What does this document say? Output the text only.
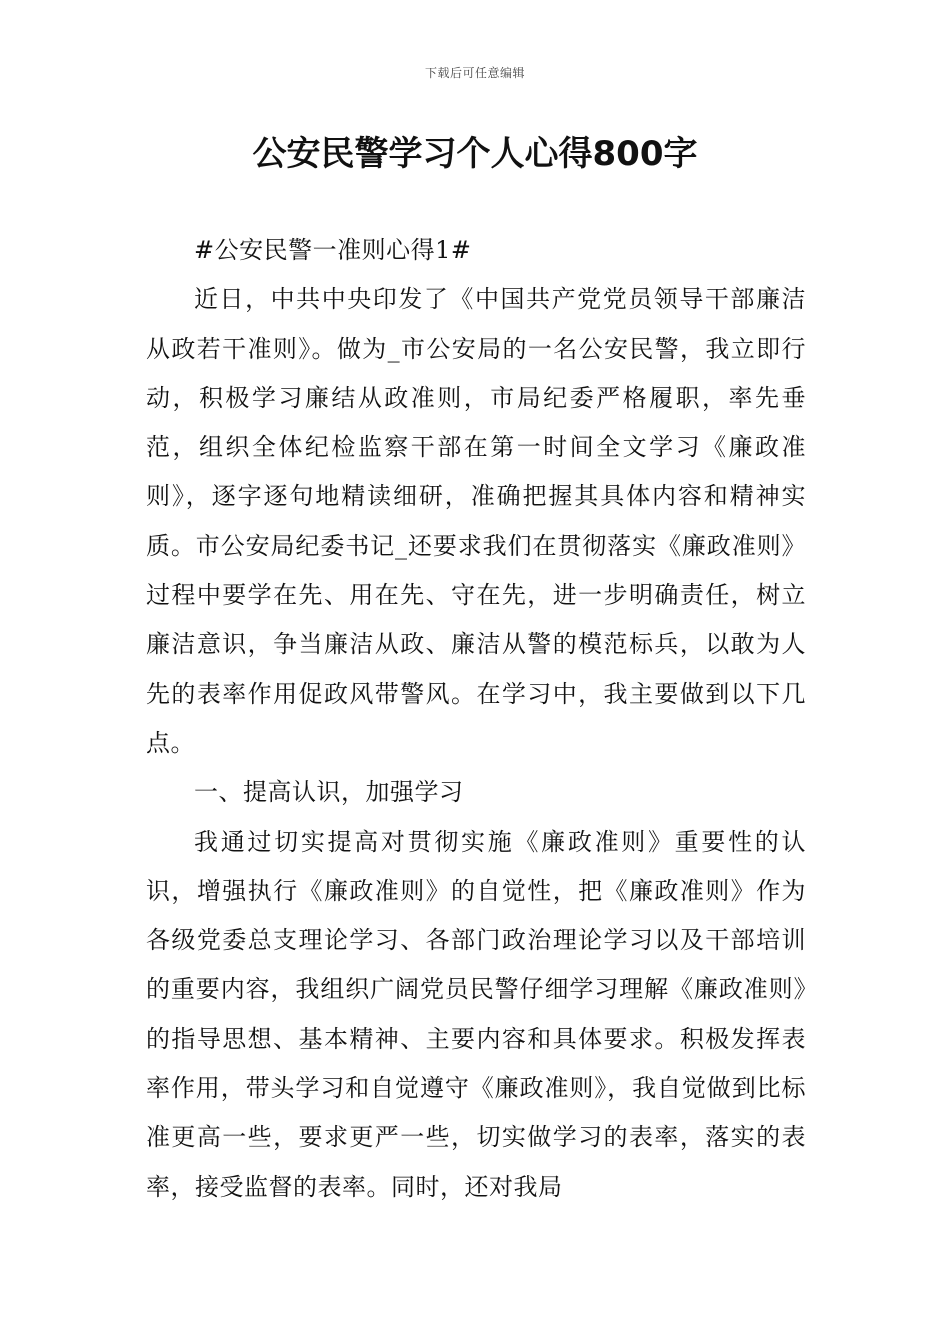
下载后可任意编辑
公安民警学习个人心得800字

#公安民警一准则心得1#

近日，中共中央印发了《中国共产党党员领导干部廉洁从政若干准则》。做为_市公安局的一名公安民警，我立即行动，积极学习廉结从政准则，市局纪委严格履职，率先垂范，组织全体纪检监察干部在第一时间全文学习《廉政准则》，逐字逐句地精读细研，准确把握其具体内容和精神实质。市公安局纪委书记_还要求我们在贯彻落实《廉政准则》过程中要学在先、用在先、守在先，进一步明确责任，树立廉洁意识，争当廉洁从政、廉洁从警的模范标兵，以敢为人先的表率作用促政风带警风。在学习中，我主要做到以下几点。

一、提高认识，加强学习

我通过切实提高对贯彻实施《廉政准则》重要性的认识，增强执行《廉政准则》的自觉性，把《廉政准则》作为各级党委总支理论学习、各部门政治理论学习以及干部培训的重要内容，我组织广阔党员民警仔细学习理解《廉政准则》的指导思想、基本精神、主要内容和具体要求。积极发挥表率作用，带头学习和自觉遵守《廉政准则》，我自觉做到比标准更高一些，要求更严一些，切实做学习的表率，落实的表率，接受监督的表率。同时，还对我局
